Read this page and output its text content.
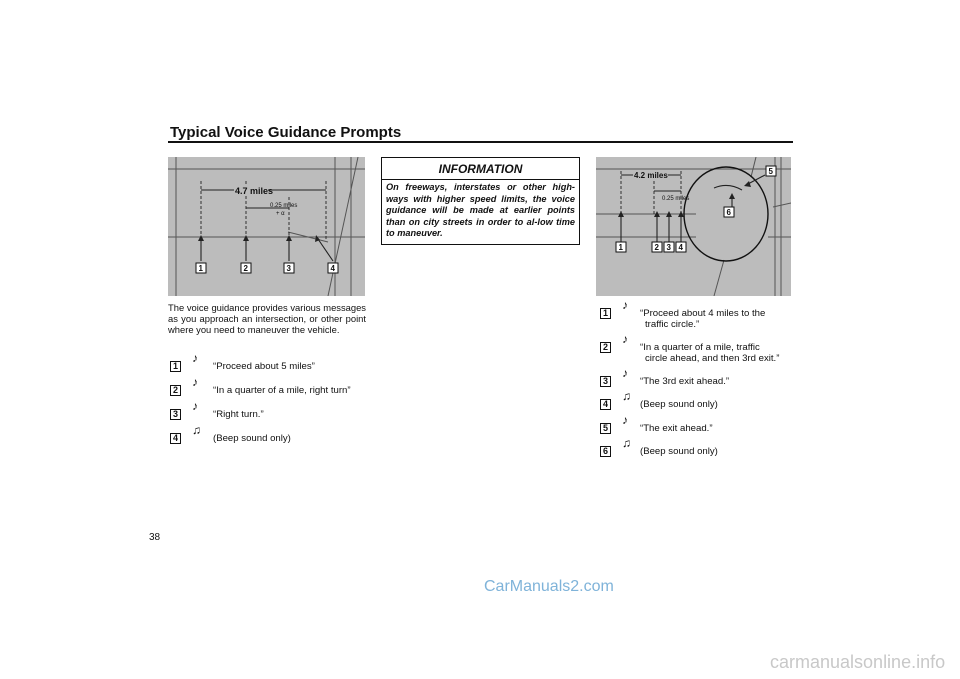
Typical Voice Guidance Prompts
4.7 miles
0.25 miles
+ α
1	2	3	4
The voice guidance provides various messages as you approach an intersection, or other point where you need to maneuver the vehicle.
1
♪
“Proceed about 5 miles”
2
♪
“In a quarter of a mile, right turn”
3
♪
“Right turn.”
4
♫
(Beep sound only)
INFORMATION
On freeways, interstates or other high-ways with higher speed limits, the voice guidance will be made at earlier points than on city streets in order to al-low time to maneuver.
4.2 miles
0.25 miles
1	2 3 4
5
6
1
♪
“Proceed about 4 miles to the
traffic circle.”
2
♪
“In a quarter of a mile, traffic
circle ahead, and then 3rd exit.”
3
♪
“The 3rd exit ahead.”
4
♫
(Beep sound only)
5
♪
“The exit ahead.”
6
♫
(Beep sound only)
38
CarManuals2.com
carmanualsonline.info
